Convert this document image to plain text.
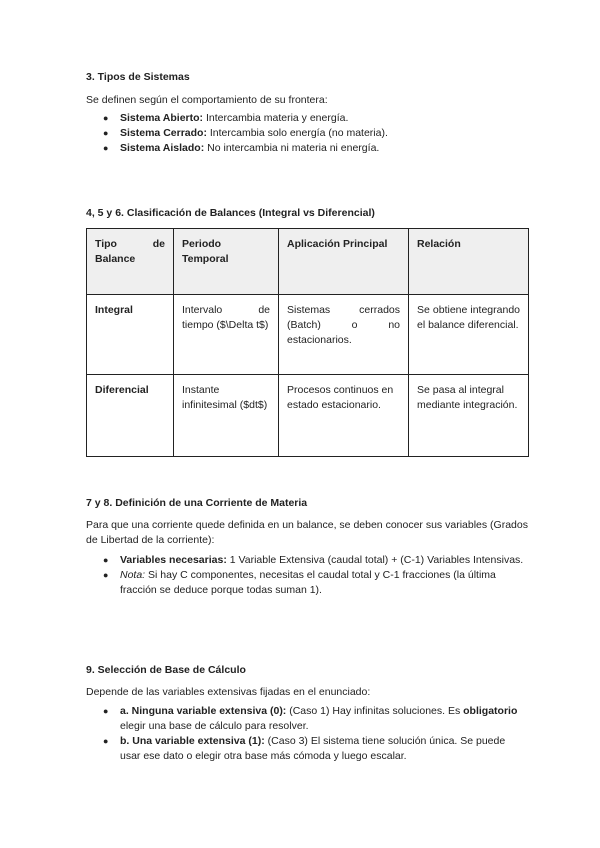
3. Tipos de Sistemas

Se definen según el comportamiento de su frontera:

● Sistema Abierto: Intercambia materia y energía.
● Sistema Cerrado: Intercambia solo energía (no materia).
● Sistema Aislado: No intercambia ni materia ni energía.
4, 5 y 6. Clasificación de Balances (Integral vs Diferencial)
Tipo de Balance	Periodo Temporal	Aplicación Principal	Relación
Integral	Intervalo de tiempo ($\Delta t$)	Sistemas cerrados (Batch) o no estacionarios.	Se obtiene integrando el balance diferencial.
Diferencial	Instante infinitesimal ($dt$)	Procesos continuos en estado estacionario.	Se pasa al integral mediante integración.
7 y 8. Definición de una Corriente de Materia

Para que una corriente quede definida en un balance, se deben conocer sus variables (Grados de Libertad de la corriente):

● Variables necesarias: 1 Variable Extensiva (caudal total) + (C-1) Variables Intensivas.
● Nota: Si hay C componentes, necesitas el caudal total y C-1 fracciones (la última fracción se deduce porque todas suman 1).
9. Selección de Base de Cálculo

Depende de las variables extensivas fijadas en el enunciado:

● a. Ninguna variable extensiva (0): (Caso 1) Hay infinitas soluciones. Es obligatorio elegir una base de cálculo para resolver.
● b. Una variable extensiva (1): (Caso 3) El sistema tiene solución única. Se puede usar ese dato o elegir otra base más cómoda y luego escalar.
